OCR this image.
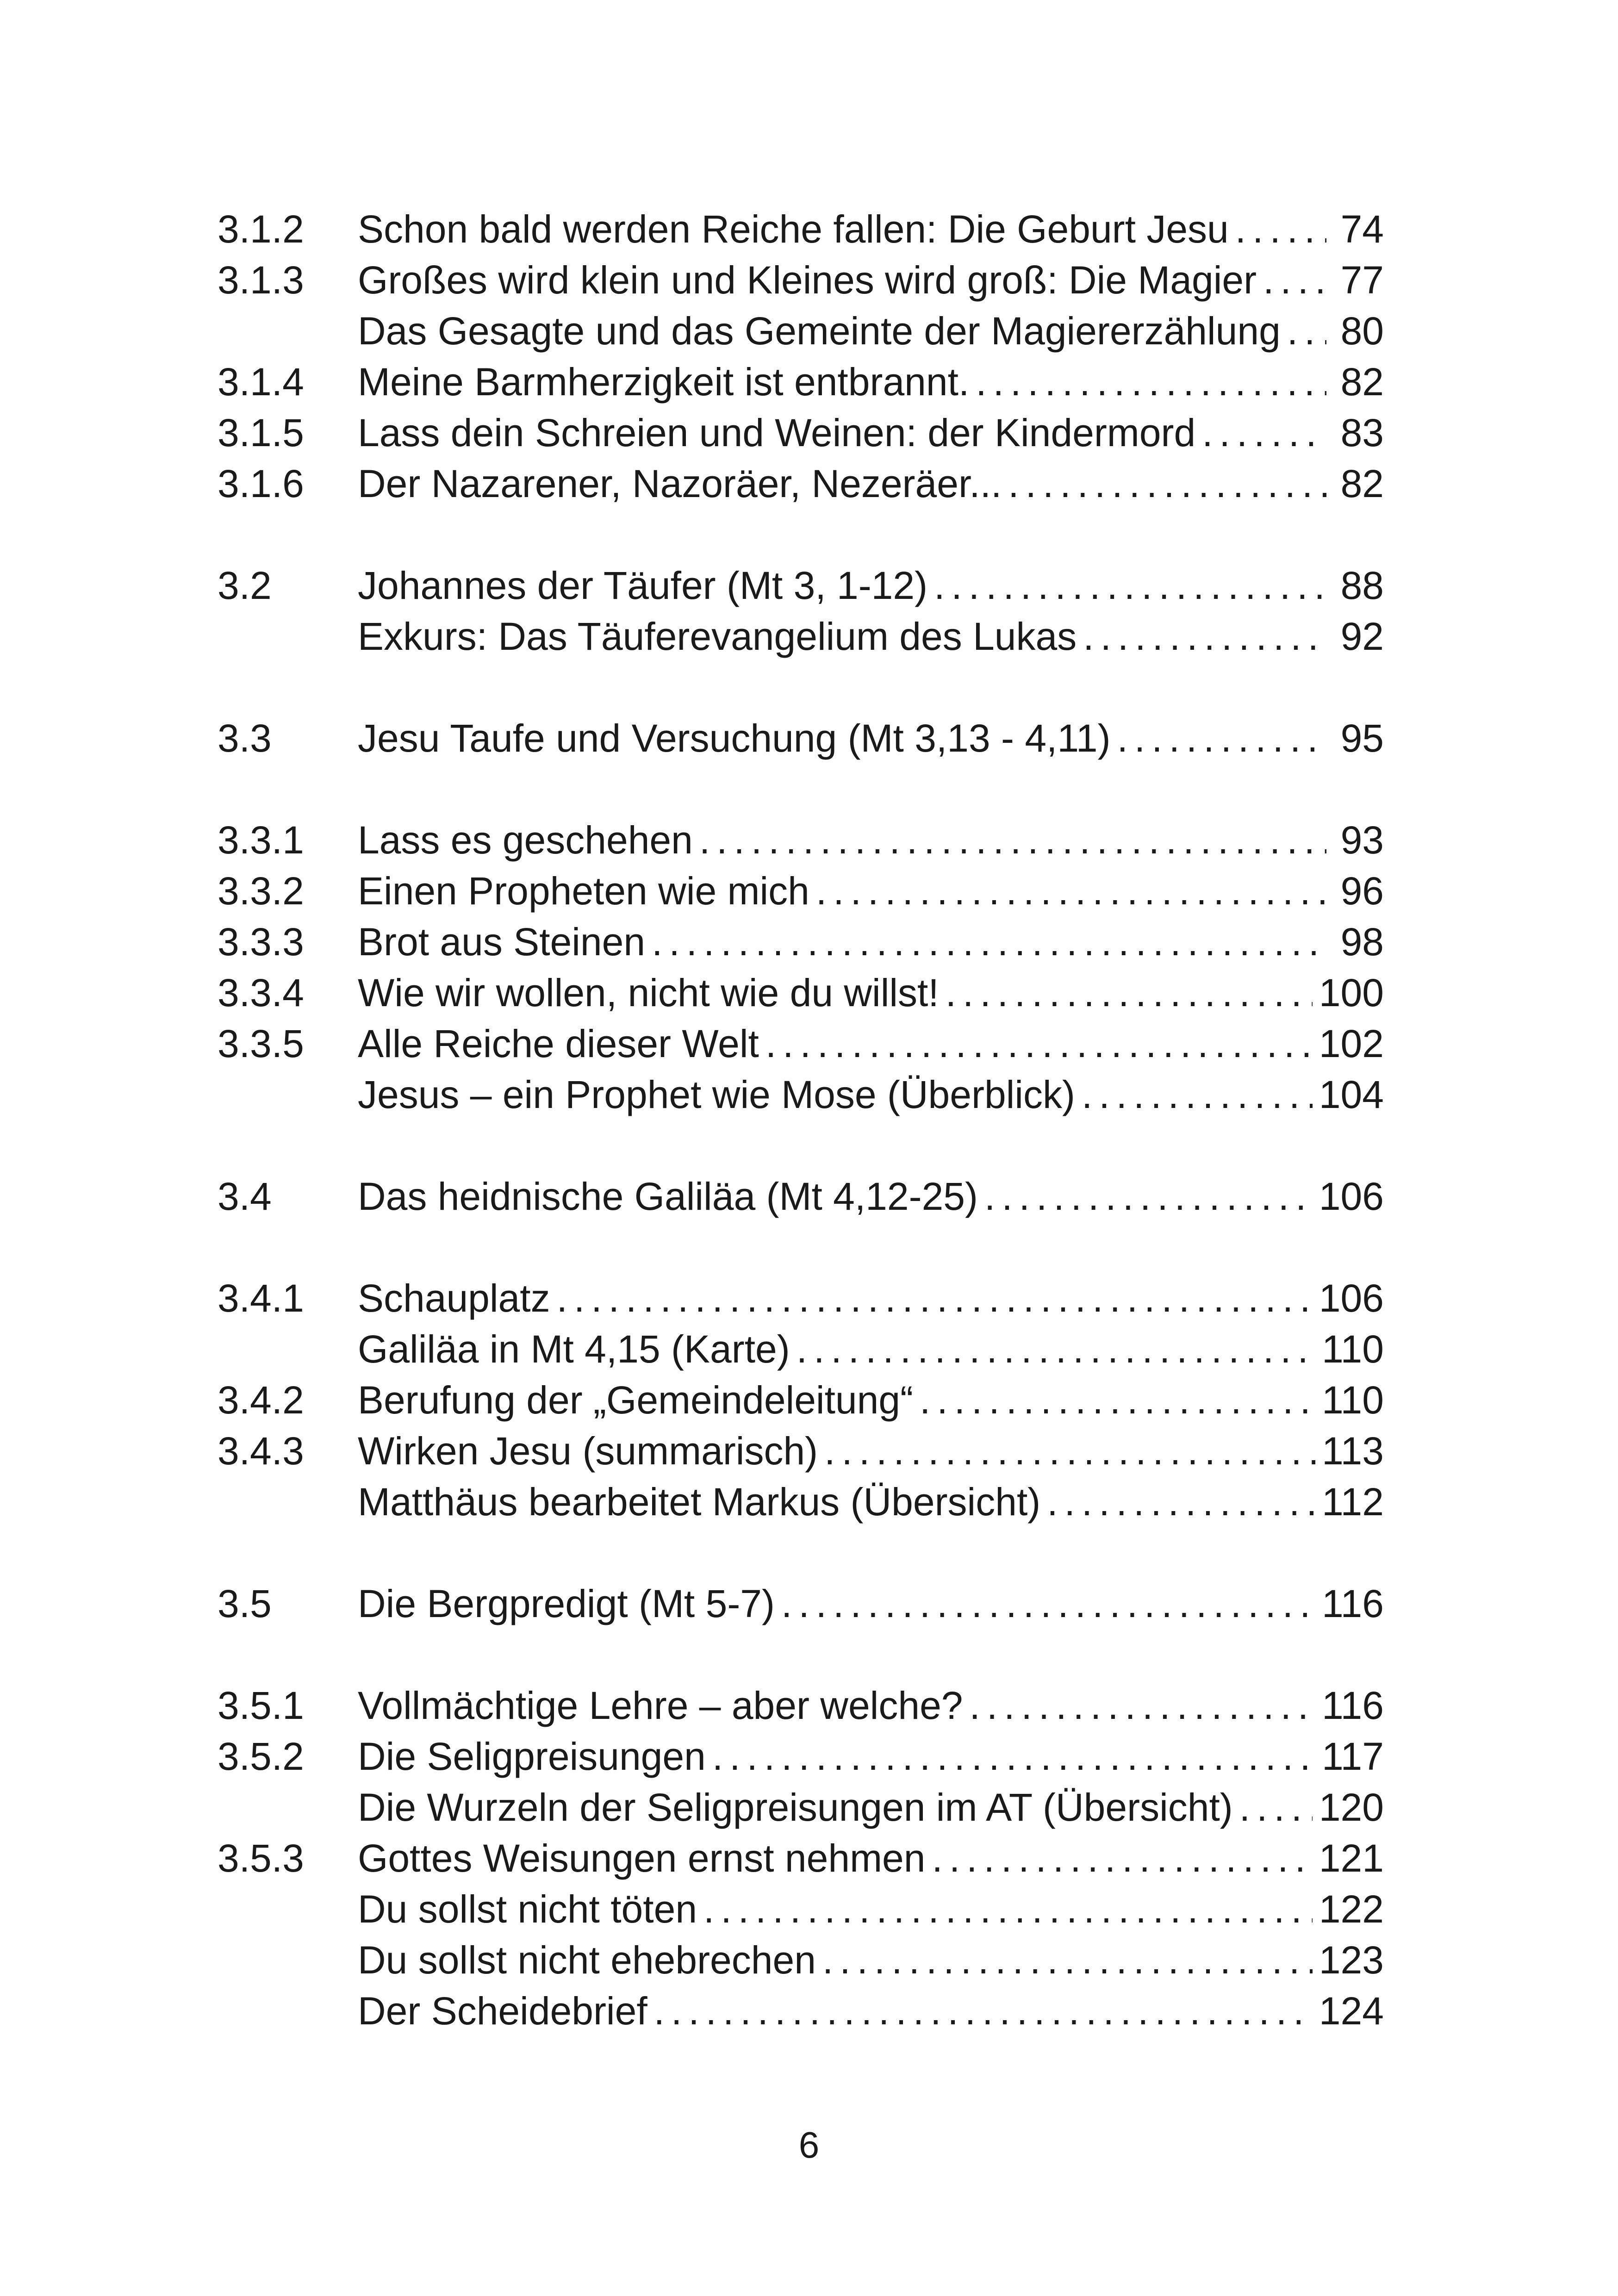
3.1.2	Schon bald werden Reiche fallen: Die Geburt Jesu .....	74
3.1.3	Großes wird klein und Kleines wird groß: Die Magier ..... 77
Das Gesagte und das Gemeinte der Magiererzählung ..... 80
3.1.4	Meine Barmherzigkeit ist entbrannt. .....	82
3.1.5	Lass dein Schreien und Weinen: der Kindermord .....	83
3.1.6	Der Nazarener, Nazoräer, Nezeräer... .....	82
3.2	Johannes der Täufer (Mt 3, 1-12) .....	88
Exkurs: Das Täuferevangelium des Lukas .....	92
3.3	Jesu Taufe und Versuchung (Mt 3,13 - 4,11) .....	95
3.3.1	Lass es geschehen .....	93
3.3.2	Einen Propheten wie mich .....	96
3.3.3	Brot aus Steinen .....	98
3.3.4	Wie wir wollen, nicht wie du willst! .....	100
3.3.5	Alle Reiche dieser Welt .....	102
Jesus – ein Prophet wie Mose (Überblick) .....	104
3.4	Das heidnische Galiläa (Mt 4,12-25) .....	106
3.4.1	Schauplatz .....	106
Galiläa in Mt 4,15 (Karte) .....	110
3.4.2	Berufung der „Gemeindeleitung“ .....	110
3.4.3	Wirken Jesu (summarisch) .....	113
Matthäus bearbeitet Markus (Übersicht) .....	112
3.5	Die Bergpredigt (Mt 5-7) .....	116
3.5.1	Vollmächtige Lehre – aber welche? .....	116
3.5.2	Die Seligpreisungen .....	117
Die Wurzeln der Seligpreisungen im AT (Übersicht) ..... 120
3.5.3	Gottes Weisungen ernst nehmen .....	121
Du sollst nicht töten .....	122
Du sollst nicht ehebrechen .....	123
Der Scheidebrief .....	124
6
